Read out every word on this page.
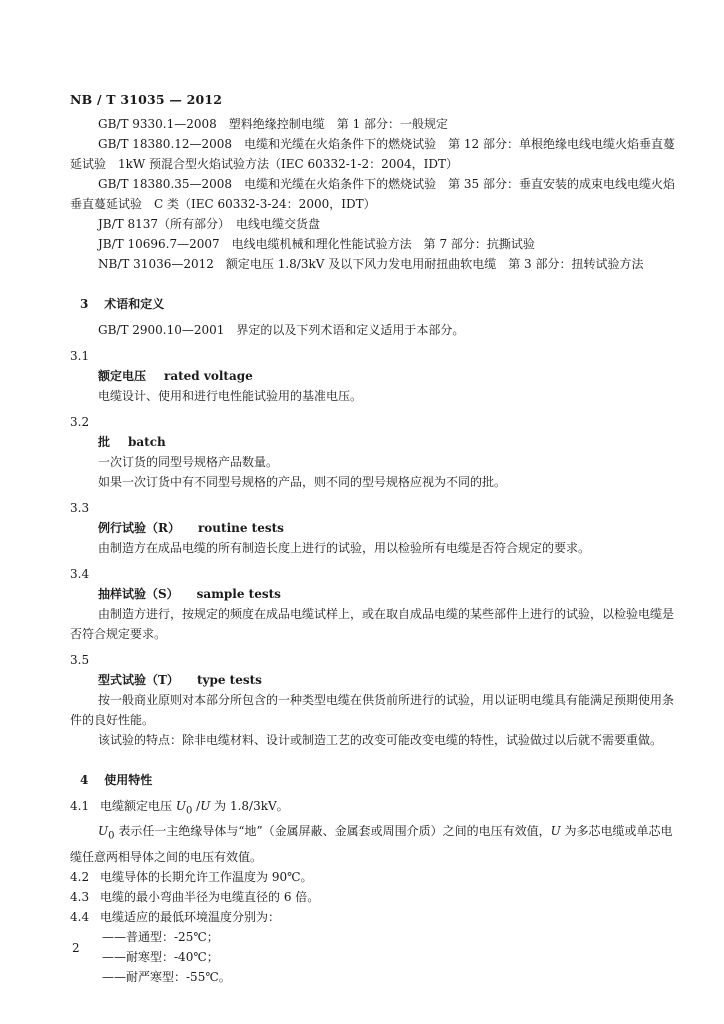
NB / T 31035 — 2012

GB/T 9330.1—2008　塑料绝缘控制电缆　第 1 部分：一般规定

GB/T 18380.12—2008　电缆和光缆在火焰条件下的燃烧试验　第 12 部分：单根绝缘电线电缆火焰垂直蔓延试验　1kW 预混合型火焰试验方法（IEC 60332-1-2：2004，IDT）

GB/T 18380.35—2008　电缆和光缆在火焰条件下的燃烧试验　第 35 部分：垂直安装的成束电线电缆火焰垂直蔓延试验　C 类（IEC 60332-3-24：2000，IDT）

JB/T 8137（所有部分）　电线电缆交货盘

JB/T 10696.7—2007　电线电缆机械和理化性能试验方法　第 7 部分：抗撕试验

NB/T 31036—2012　额定电压 1.8/3kV 及以下风力发电用耐扭曲软电缆　第 3 部分：扭转试验方法

3 术语和定义

GB/T 2900.10—2001　界定的以及下列术语和定义适用于本部分。

3.1
额定电压 rated voltage

电缆设计、使用和进行电性能试验用的基准电压。

3.2
批 batch

一次订货的同型号规格产品数量。

如果一次订货中有不同型号规格的产品，则不同的型号规格应视为不同的批。

3.3
例行试验（R） routine tests

由制造方在成品电缆的所有制造长度上进行的试验，用以检验所有电缆是否符合规定的要求。

3.4
抽样试验（S） sample tests

由制造方进行，按规定的频度在成品电缆试样上，或在取自成品电缆的某些部件上进行的试验，以检验电缆是否符合规定要求。

3.5
型式试验（T） type tests

按一般商业原则对本部分所包含的一种类型电缆在供货前所进行的试验，用以证明电缆具有能满足预期使用条件的良好性能。

该试验的特点：除非电缆材料、设计或制造工艺的改变可能改变电缆的特性，试验做过以后就不需要重做。

4 使用特性
4.1 电缆额定电压 $U_0$ /U 为 1.8/3kV。

$U_0$ 表示任一主绝缘导体与“地”（金属屏蔽、金属套或周围介质）之间的电压有效值，U 为多芯电缆或单芯电缆任意两相导体之间的电压有效值。

4.2 电缆导体的长期允许工作温度为 90℃。
4.3 电缆的最小弯曲半径为电缆直径的 6 倍。
4.4 电缆适应的最低环境温度分别为：
——普通型：-25℃；
——耐寒型：-40℃；
——耐严寒型：-55℃。
2
